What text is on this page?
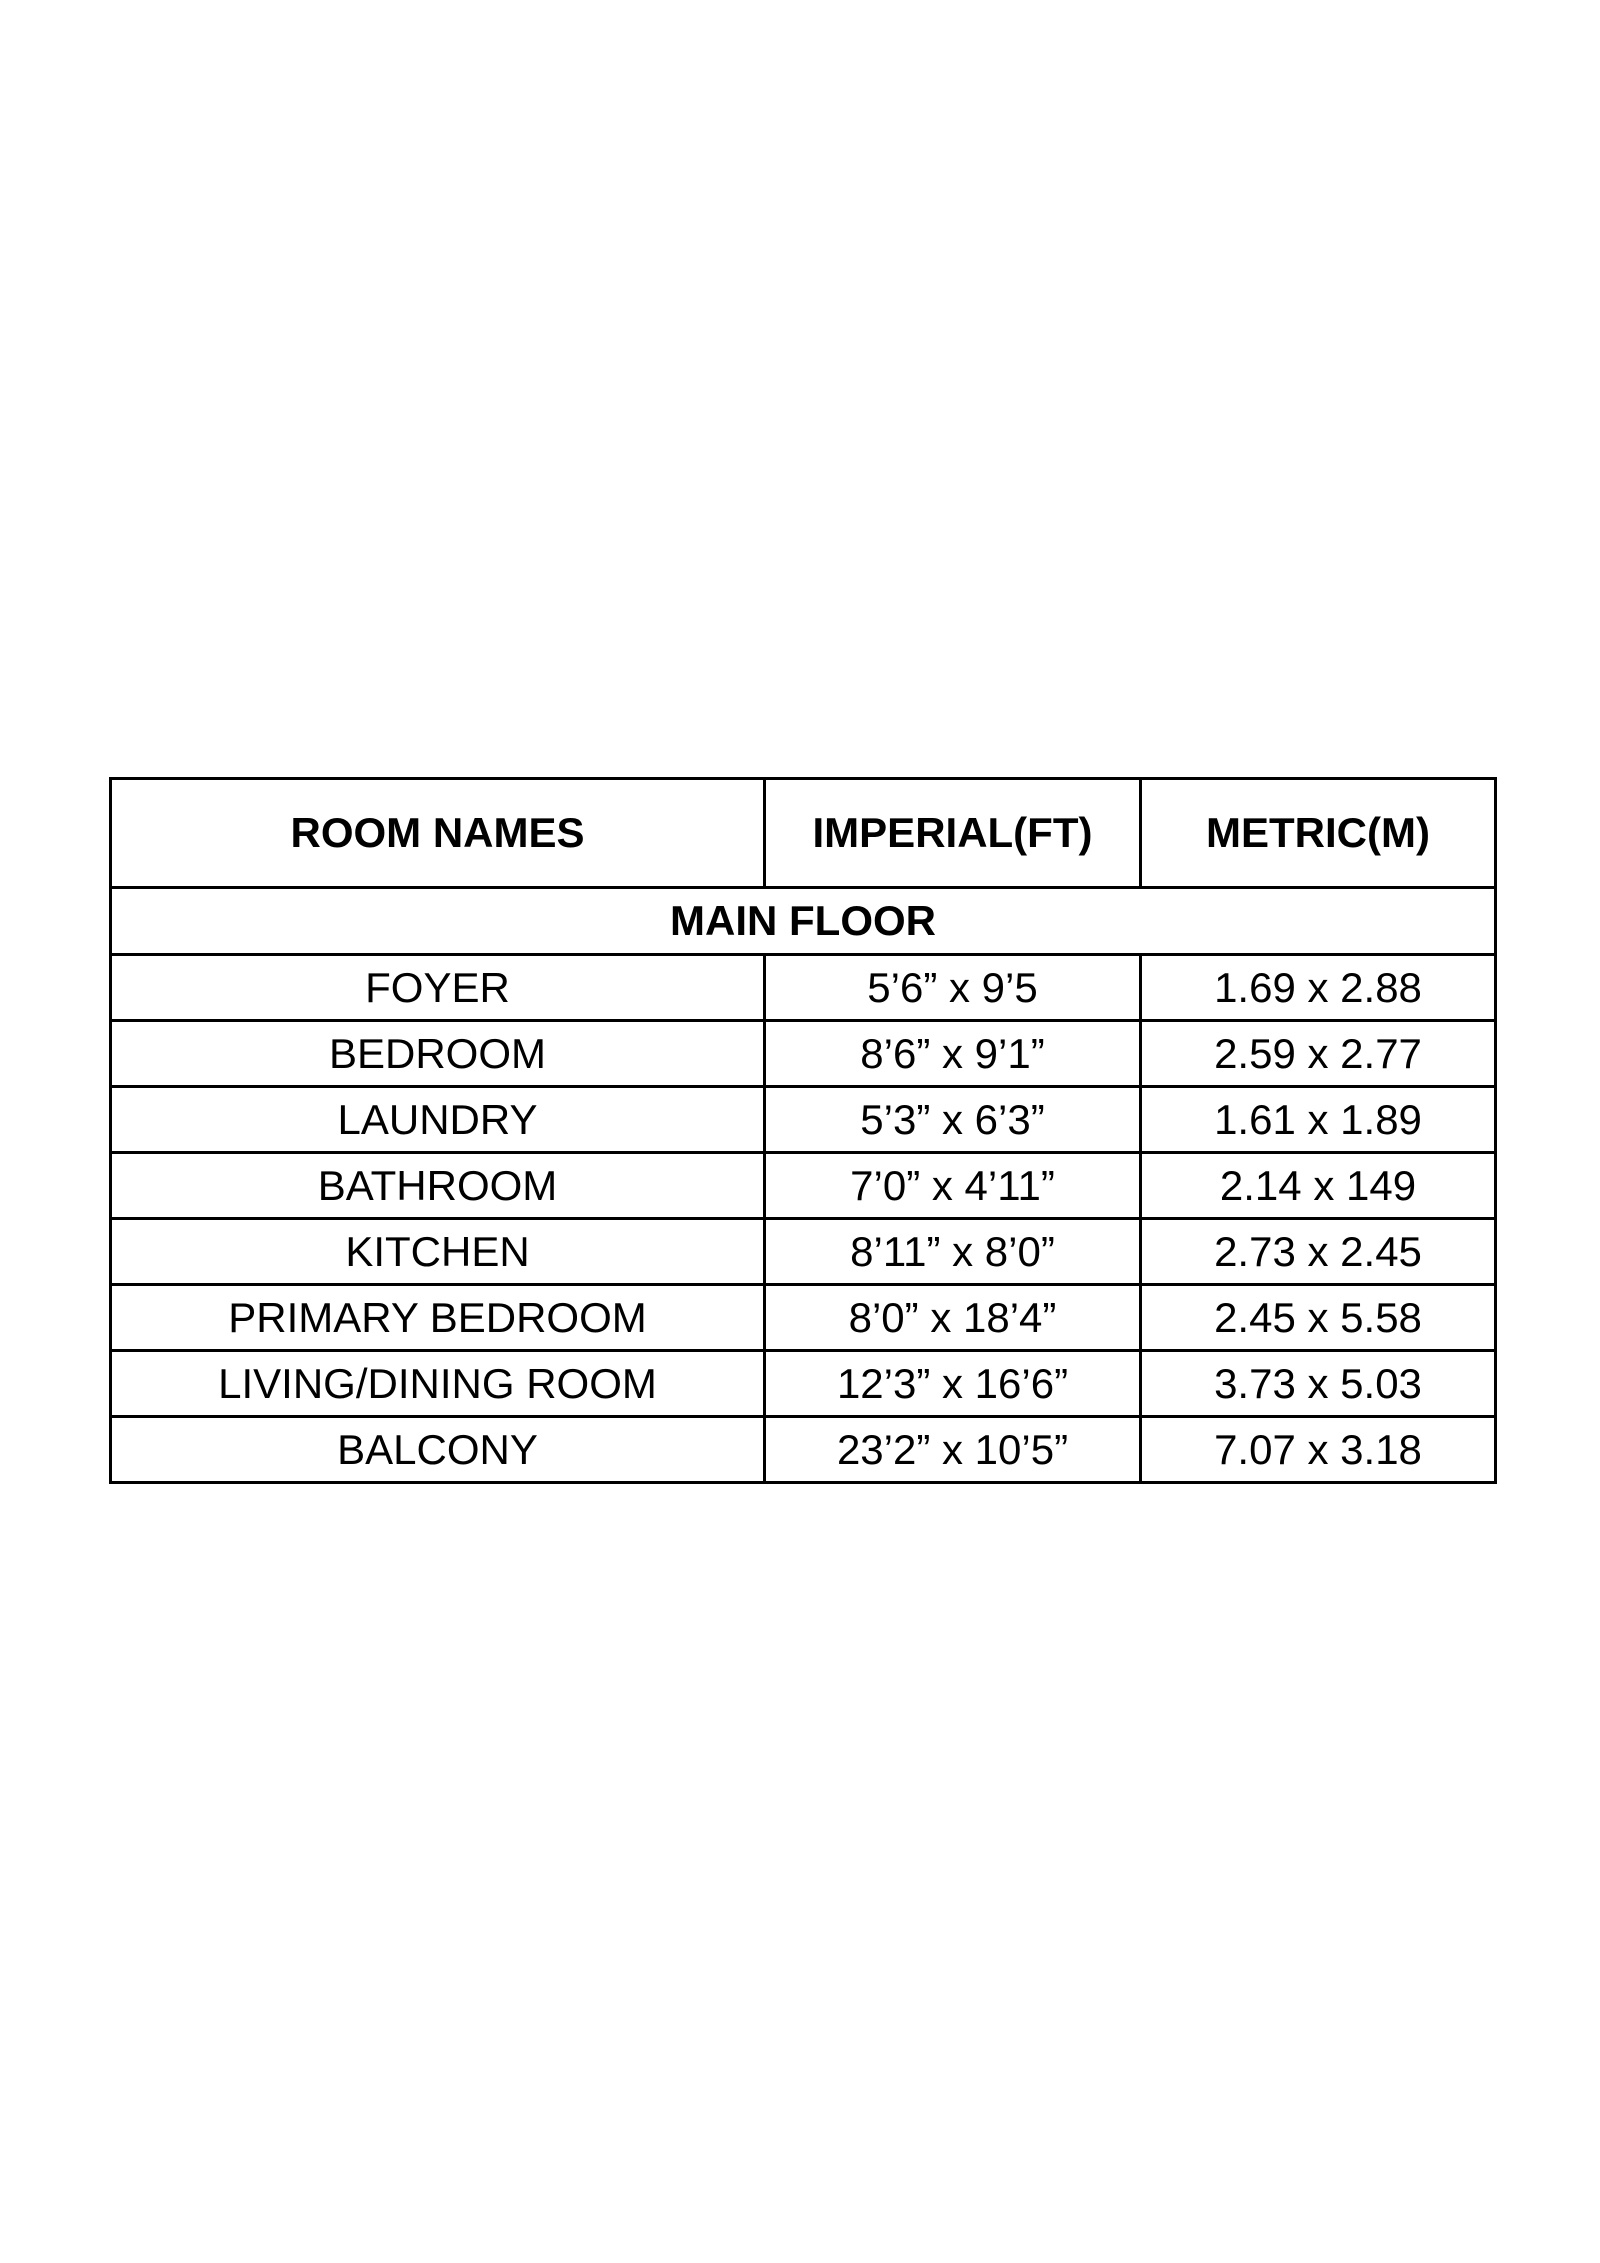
ROOM NAMES	IMPERIAL(FT)	METRIC(M)
MAIN FLOOR		
FOYER	5’6” x 9’5	1.69 x 2.88
BEDROOM	8’6” x 9’1”	2.59 x 2.77
LAUNDRY	5’3” x 6’3”	1.61 x 1.89
BATHROOM	7’0” x 4’11”	2.14 x 149
KITCHEN	8’11” x 8’0”	2.73 x 2.45
PRIMARY BEDROOM	8’0” x 18’4”	2.45 x 5.58
LIVING/DINING ROOM	12’3” x 16’6”	3.73 x 5.03
BALCONY	23’2” x 10’5”	7.07 x 3.18
